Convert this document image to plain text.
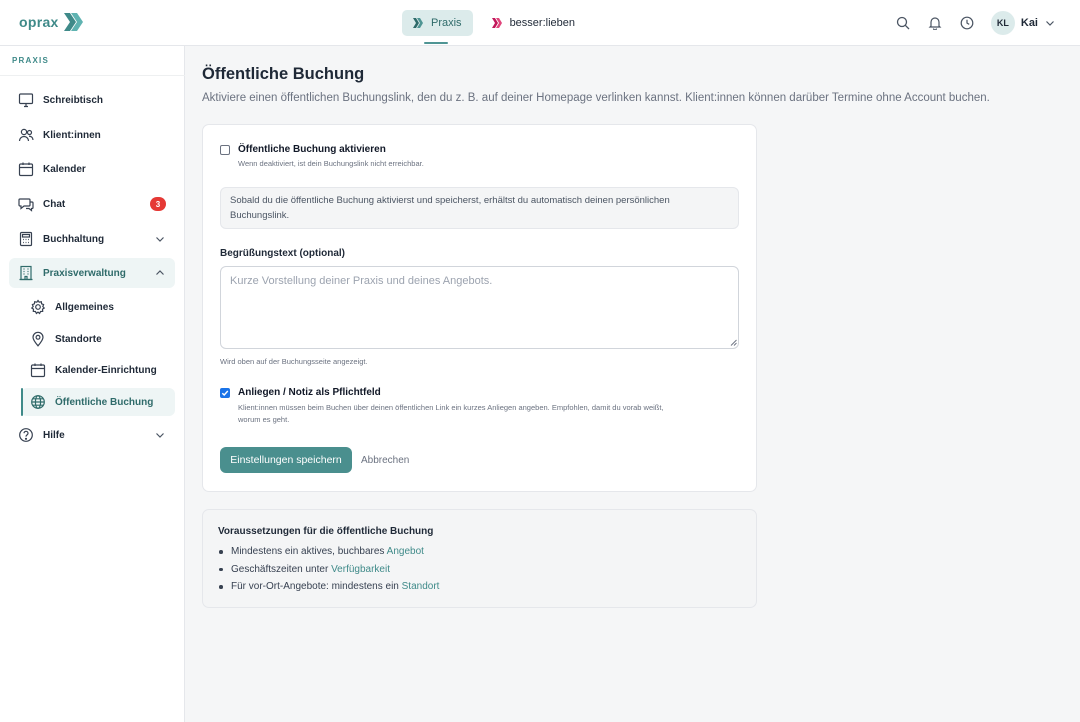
oprax	Praxis	besser:lieben	KL	Kai
PRAXIS
Schreibtisch
Klient:innen
Kalender
Chat	3
Buchhaltung
Praxisverwaltung
Allgemeines
Standorte
Kalender-Einrichtung
Öffentliche Buchung
Hilfe
Öffentliche Buchung

Aktiviere einen öffentlichen Buchungslink, den du z. B. auf deiner Homepage verlinken kannst. Klient:innen können darüber Termine ohne Account buchen.

Öffentliche Buchung aktivieren
Wenn deaktiviert, ist dein Buchungslink nicht erreichbar.
Sobald du die öffentliche Buchung aktivierst und speicherst, erhältst du automatisch deinen persönlichen Buchungslink.
Begrüßungstext (optional)
Kurze Vorstellung deiner Praxis und deines Angebots.
Wird oben auf der Buchungsseite angezeigt.
Anliegen / Notiz als Pflichtfeld
Klient:innen müssen beim Buchen über deinen öffentlichen Link ein kurzes Anliegen angeben. Empfohlen, damit du vorab weißt,
worum es geht.
Einstellungen speichern	Abbrechen
Voraussetzungen für die öffentliche Buchung
Mindestens ein aktives, buchbares Angebot
Geschäftszeiten unter Verfügbarkeit
Für vor-Ort-Angebote: mindestens ein Standort
